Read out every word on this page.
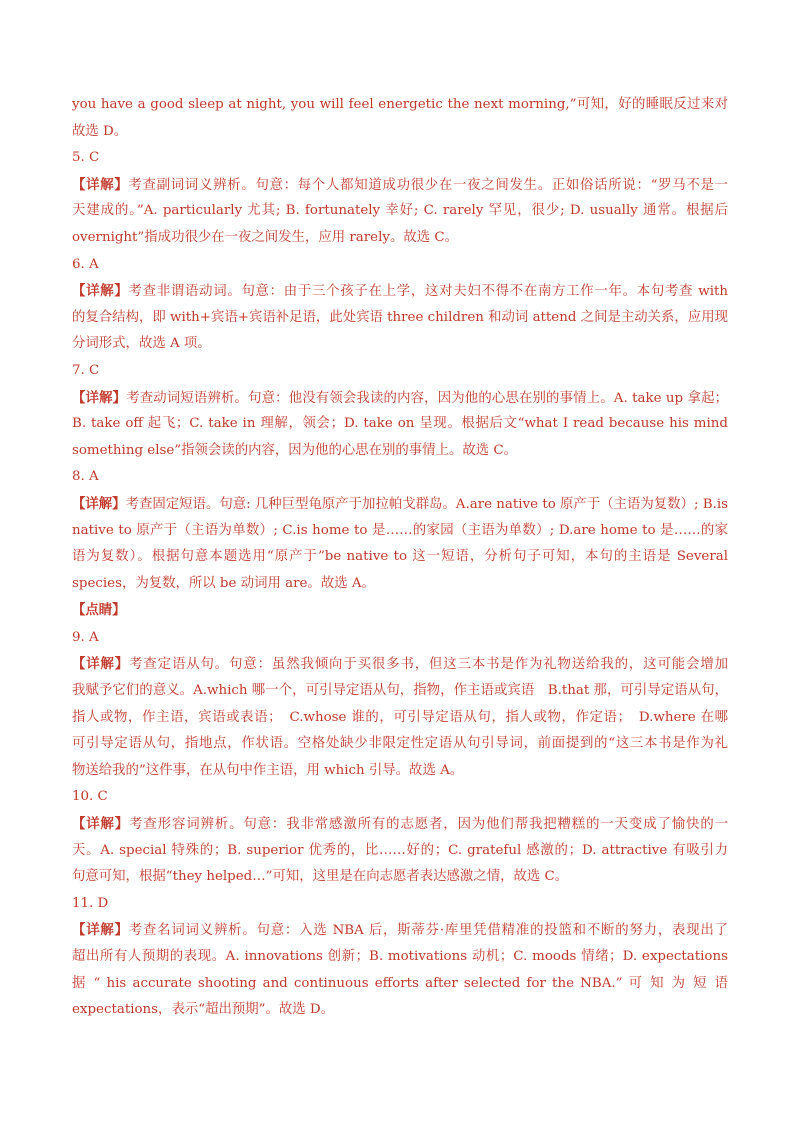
you have a good sleep at night, you will feel energetic the next morning,”可知，好的睡眠反过来对
故选 D。
5. C
【详解】考查副词词义辨析。句意：每个人都知道成功很少在一夜之间发生。正如俗话所说：“罗马不是一
天建成的。”A. particularly 尤其; B. fortunately 幸好; C. rarely 罕见，很少; D. usually 通常。根据后
overnight”指成功很少在一夜之间发生，应用 rarely。故选 C。
6. A
【详解】考查非谓语动词。句意：由于三个孩子在上学，这对夫妇不得不在南方工作一年。本句考查 with
的复合结构，即 with+宾语+宾语补足语，此处宾语 three children 和动词 attend 之间是主动关系，应用现
分词形式，故选 A 项。
7. C
【详解】考查动词短语辨析。句意：他没有领会我读的内容，因为他的心思在别的事情上。A. take up 拿起；
B. take off 起飞；C. take in 理解，领会；D. take on 呈现。根据后文“what I read because his mind
something else”指领会读的内容，因为他的心思在别的事情上。故选 C。
8. A
【详解】考查固定短语。句意: 几种巨型龟原产于加拉帕戈群岛。A.are native to 原产于（主语为复数）; B.is
native to 原产于（主语为单数）; C.is home to 是……的家园（主语为单数）; D.are home to 是……的家
语为复数）。根据句意本题选用“原产于”be native to 这一短语，分析句子可知，本句的主语是 Several
species，为复数，所以 be 动词用 are。故选 A。
【点睛】
9. A
【详解】考查定语从句。句意：虽然我倾向于买很多书，但这三本书是作为礼物送给我的，这可能会增加
我赋予它们的意义。A.which 哪一个，可引导定语从句，指物，作主语或宾语　B.that 那，可引导定语从句，
指人或物，作主语，宾语或表语；　C.whose 谁的，可引导定语从句，指人或物，作定语；　D.where 在哪
可引导定语从句，指地点，作状语。空格处缺少非限定性定语从句引导词，前面提到的“这三本书是作为礼
物送给我的”这件事，在从句中作主语，用 which 引导。故选 A。
10. C
【详解】考查形容词辨析。句意：我非常感激所有的志愿者，因为他们帮我把糟糕的一天变成了愉快的一
天。A. special 特殊的；B. superior 优秀的，比……好的；C. grateful 感激的；D. attractive 有吸引力
句意可知，根据“they helped…”可知，这里是在向志愿者表达感激之情，故选 C。
11. D
【详解】考查名词词义辨析。句意：入选 NBA 后，斯蒂芬·库里凭借精准的投篮和不断的努力，表现出了
超出所有人预期的表现。A. innovations 创新；B. motivations 动机；C. moods 情绪；D. expectations
据 “ his accurate shooting and continuous efforts after selected for the NBA.” 可 知 为 短 语
expectations，表示“超出预期”。故选 D。
